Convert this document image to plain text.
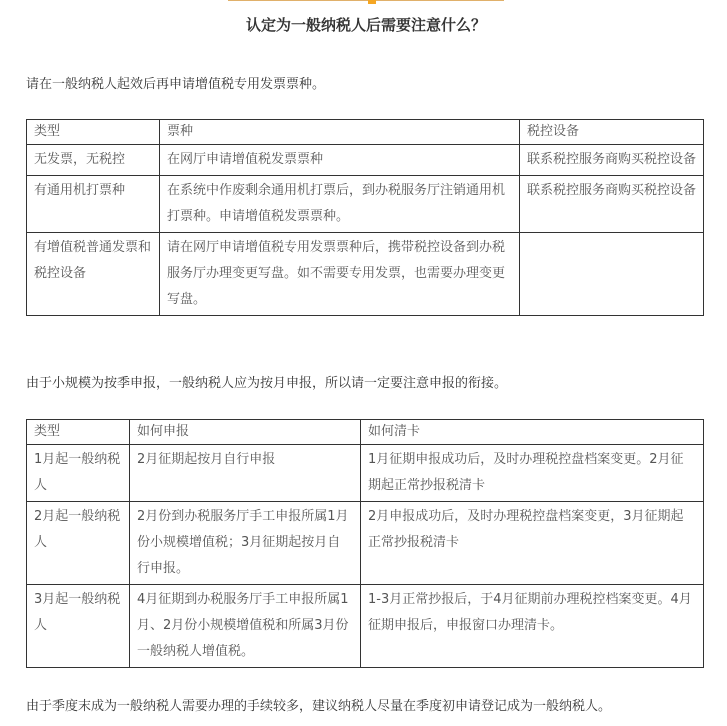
认定为一般纳税人后需要注意什么？
请在一般纳税人起效后再申请增值税专用发票票种。
类型	票种	税控设备
无发票，无税控	在网厅申请增值税发票票种	联系税控服务商购买税控设备
有通用机打票种	在系统中作废剩余通用机打票后，到办税服务厅注销通用机打票种。申请增值税发票票种。	联系税控服务商购买税控设备
有增值税普通发票和税控设备	请在网厅申请增值税专用发票票种后，携带税控设备到办税服务厅办理变更写盘。如不需要专用发票，也需要办理变更写盘。	
由于小规模为按季申报，一般纳税人应为按月申报，所以请一定要注意申报的衔接。
类型	如何申报	如何清卡
1月起一般纳税人	2月征期起按月自行申报	1月征期申报成功后，及时办理税控盘档案变更。2月征期起正常抄报税清卡
2月起一般纳税人	2月份到办税服务厅手工申报所属1月份小规模增值税；3月征期起按月自行申报。	2月申报成功后，及时办理税控盘档案变更，3月征期起正常抄报税清卡
3月起一般纳税人	4月征期到办税服务厅手工申报所属1月、2月份小规模增值税和所属3月份一般纳税人增值税。	1-3月正常抄报后，于4月征期前办理税控档案变更。4月征期申报后，申报窗口办理清卡。
由于季度末成为一般纳税人需要办理的手续较多，建议纳税人尽量在季度初申请登记成为一般纳税人。
